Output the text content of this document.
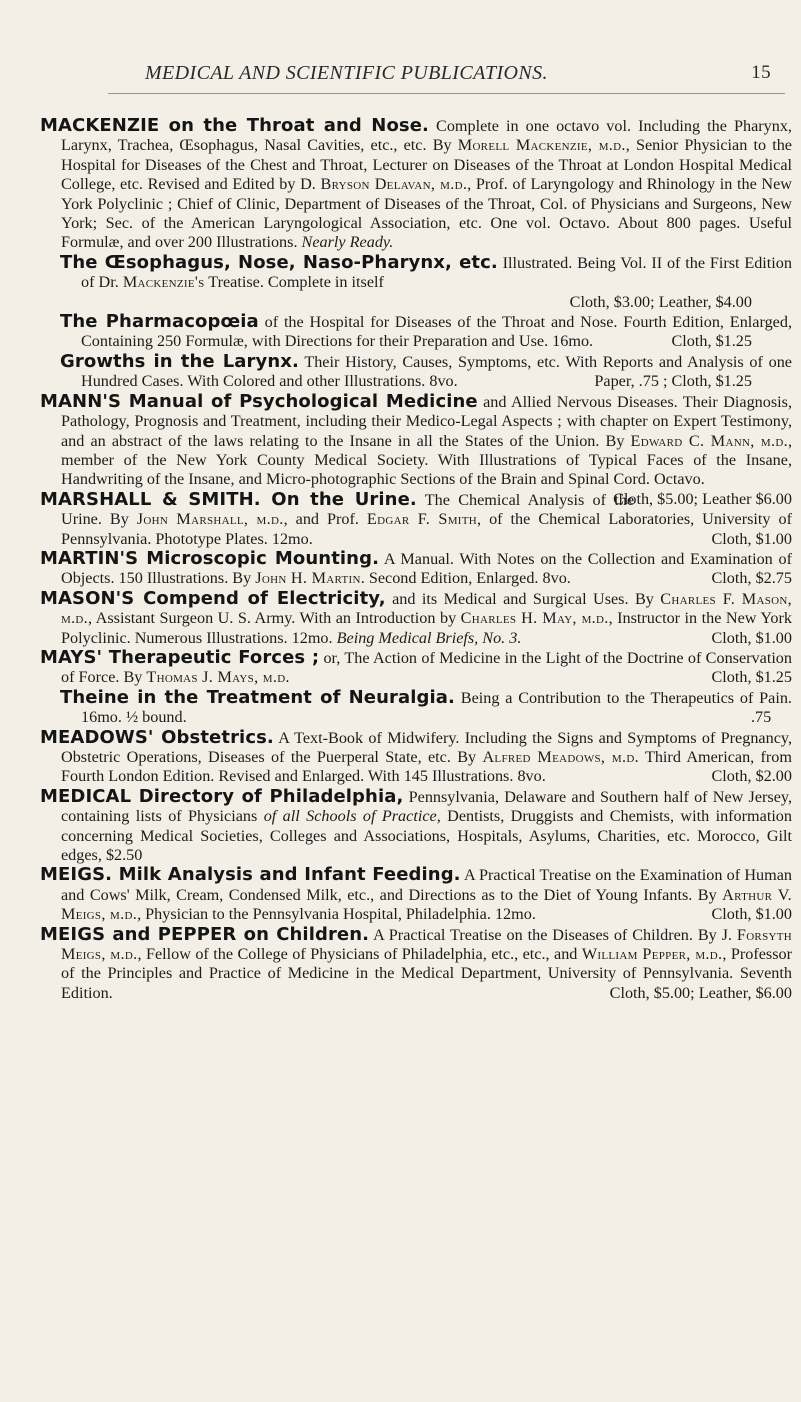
MEDICAL AND SCIENTIFIC PUBLICATIONS.	15

MACKENZIE on the Throat and Nose. Complete in one octavo vol. Including the Pharynx, Larynx, Trachea, Œsophagus, Nasal Cavities, etc., etc. By Morell Mackenzie, m.d., Senior Physician to the Hospital for Diseases of the Chest and Throat, Lecturer on Diseases of the Throat at London Hospital Medical College, etc. Revised and Edited by D. Bryson Delavan, m.d., Prof. of Laryngology and Rhinology in the New York Polyclinic ; Chief of Clinic, Department of Diseases of the Throat, Col. of Physicians and Surgeons, New York; Sec. of the American Laryngological Association, etc. One vol. Octavo. About 800 pages. Useful Formulæ, and over 200 Illustrations. Nearly Ready.

The Œsophagus, Nose, Naso-Pharynx, etc. Illustrated. Being Vol. II of the First Edition of Dr. Mackenzie's Treatise. Complete in itself

Cloth, $3.00; Leather, $4.00

The Pharmacopœia of the Hospital for Diseases of the Throat and Nose. Fourth Edition, Enlarged, Containing 250 Formulæ, with Directions for their Preparation and Use. 16mo.	Cloth, $1.25

Growths in the Larynx. Their History, Causes, Symptoms, etc. With Reports and Analysis of one Hundred Cases. With Colored and other Illustrations. 8vo.	Paper, .75 ; Cloth, $1.25

MANN'S Manual of Psychological Medicine and Allied Nervous Diseases. Their Diagnosis, Pathology, Prognosis and Treatment, including their Medico-Legal Aspects ; with chapter on Expert Testimony, and an abstract of the laws relating to the Insane in all the States of the Union. By Edward C. Mann, m.d., member of the New York County Medical Society. With Illustrations of Typical Faces of the Insane, Handwriting of the Insane, and Micro-photographic Sections of the Brain and Spinal Cord. Octavo.
Cloth, $5.00; Leather $6.00

MARSHALL & SMITH. On the Urine. The Chemical Analysis of the Urine. By John Marshall, m.d., and Prof. Edgar F. Smith, of the Chemical Laboratories, University of Pennsylvania. Phototype Plates. 12mo.	Cloth, $1.00

MARTIN'S Microscopic Mounting. A Manual. With Notes on the Collection and Examination of Objects. 150 Illustrations. By John H. Martin. Second Edition, Enlarged. 8vo.	Cloth, $2.75

MASON'S Compend of Electricity, and its Medical and Surgical Uses. By Charles F. Mason, m.d., Assistant Surgeon U. S. Army. With an Introduction by Charles H. May, m.d., Instructor in the New York Polyclinic. Numerous Illustrations. 12mo. Being Medical Briefs, No. 3.	Cloth, $1.00

MAYS' Therapeutic Forces ; or, The Action of Medicine in the Light of the Doctrine of Conservation of Force. By Thomas J. Mays, m.d.	Cloth, $1.25

Theine in the Treatment of Neuralgia. Being a Contribution to the Therapeutics of Pain. 16mo. ½ bound.	.75

MEADOWS' Obstetrics. A Text-Book of Midwifery. Including the Signs and Symptoms of Pregnancy, Obstetric Operations, Diseases of the Puerperal State, etc. By Alfred Meadows, m.d. Third American, from Fourth London Edition. Revised and Enlarged. With 145 Illustrations. 8vo.	Cloth, $2.00

MEDICAL Directory of Philadelphia, Pennsylvania, Delaware and Southern half of New Jersey, containing lists of Physicians of all Schools of Practice, Dentists, Druggists and Chemists, with information concerning Medical Societies, Colleges and Associations, Hospitals, Asylums, Charities, etc. Morocco, Gilt edges, $2.50

MEIGS. Milk Analysis and Infant Feeding. A Practical Treatise on the Examination of Human and Cows' Milk, Cream, Condensed Milk, etc., and Directions as to the Diet of Young Infants. By Arthur V. Meigs, m.d., Physician to the Pennsylvania Hospital, Philadelphia. 12mo.	Cloth, $1.00

MEIGS and PEPPER on Children. A Practical Treatise on the Diseases of Children. By J. Forsyth Meigs, m.d., Fellow of the College of Physicians of Philadelphia, etc., etc., and William Pepper, m.d., Professor of the Principles and Practice of Medicine in the Medical Department, University of Pennsylvania. Seventh Edition.	Cloth, $5.00; Leather, $6.00
